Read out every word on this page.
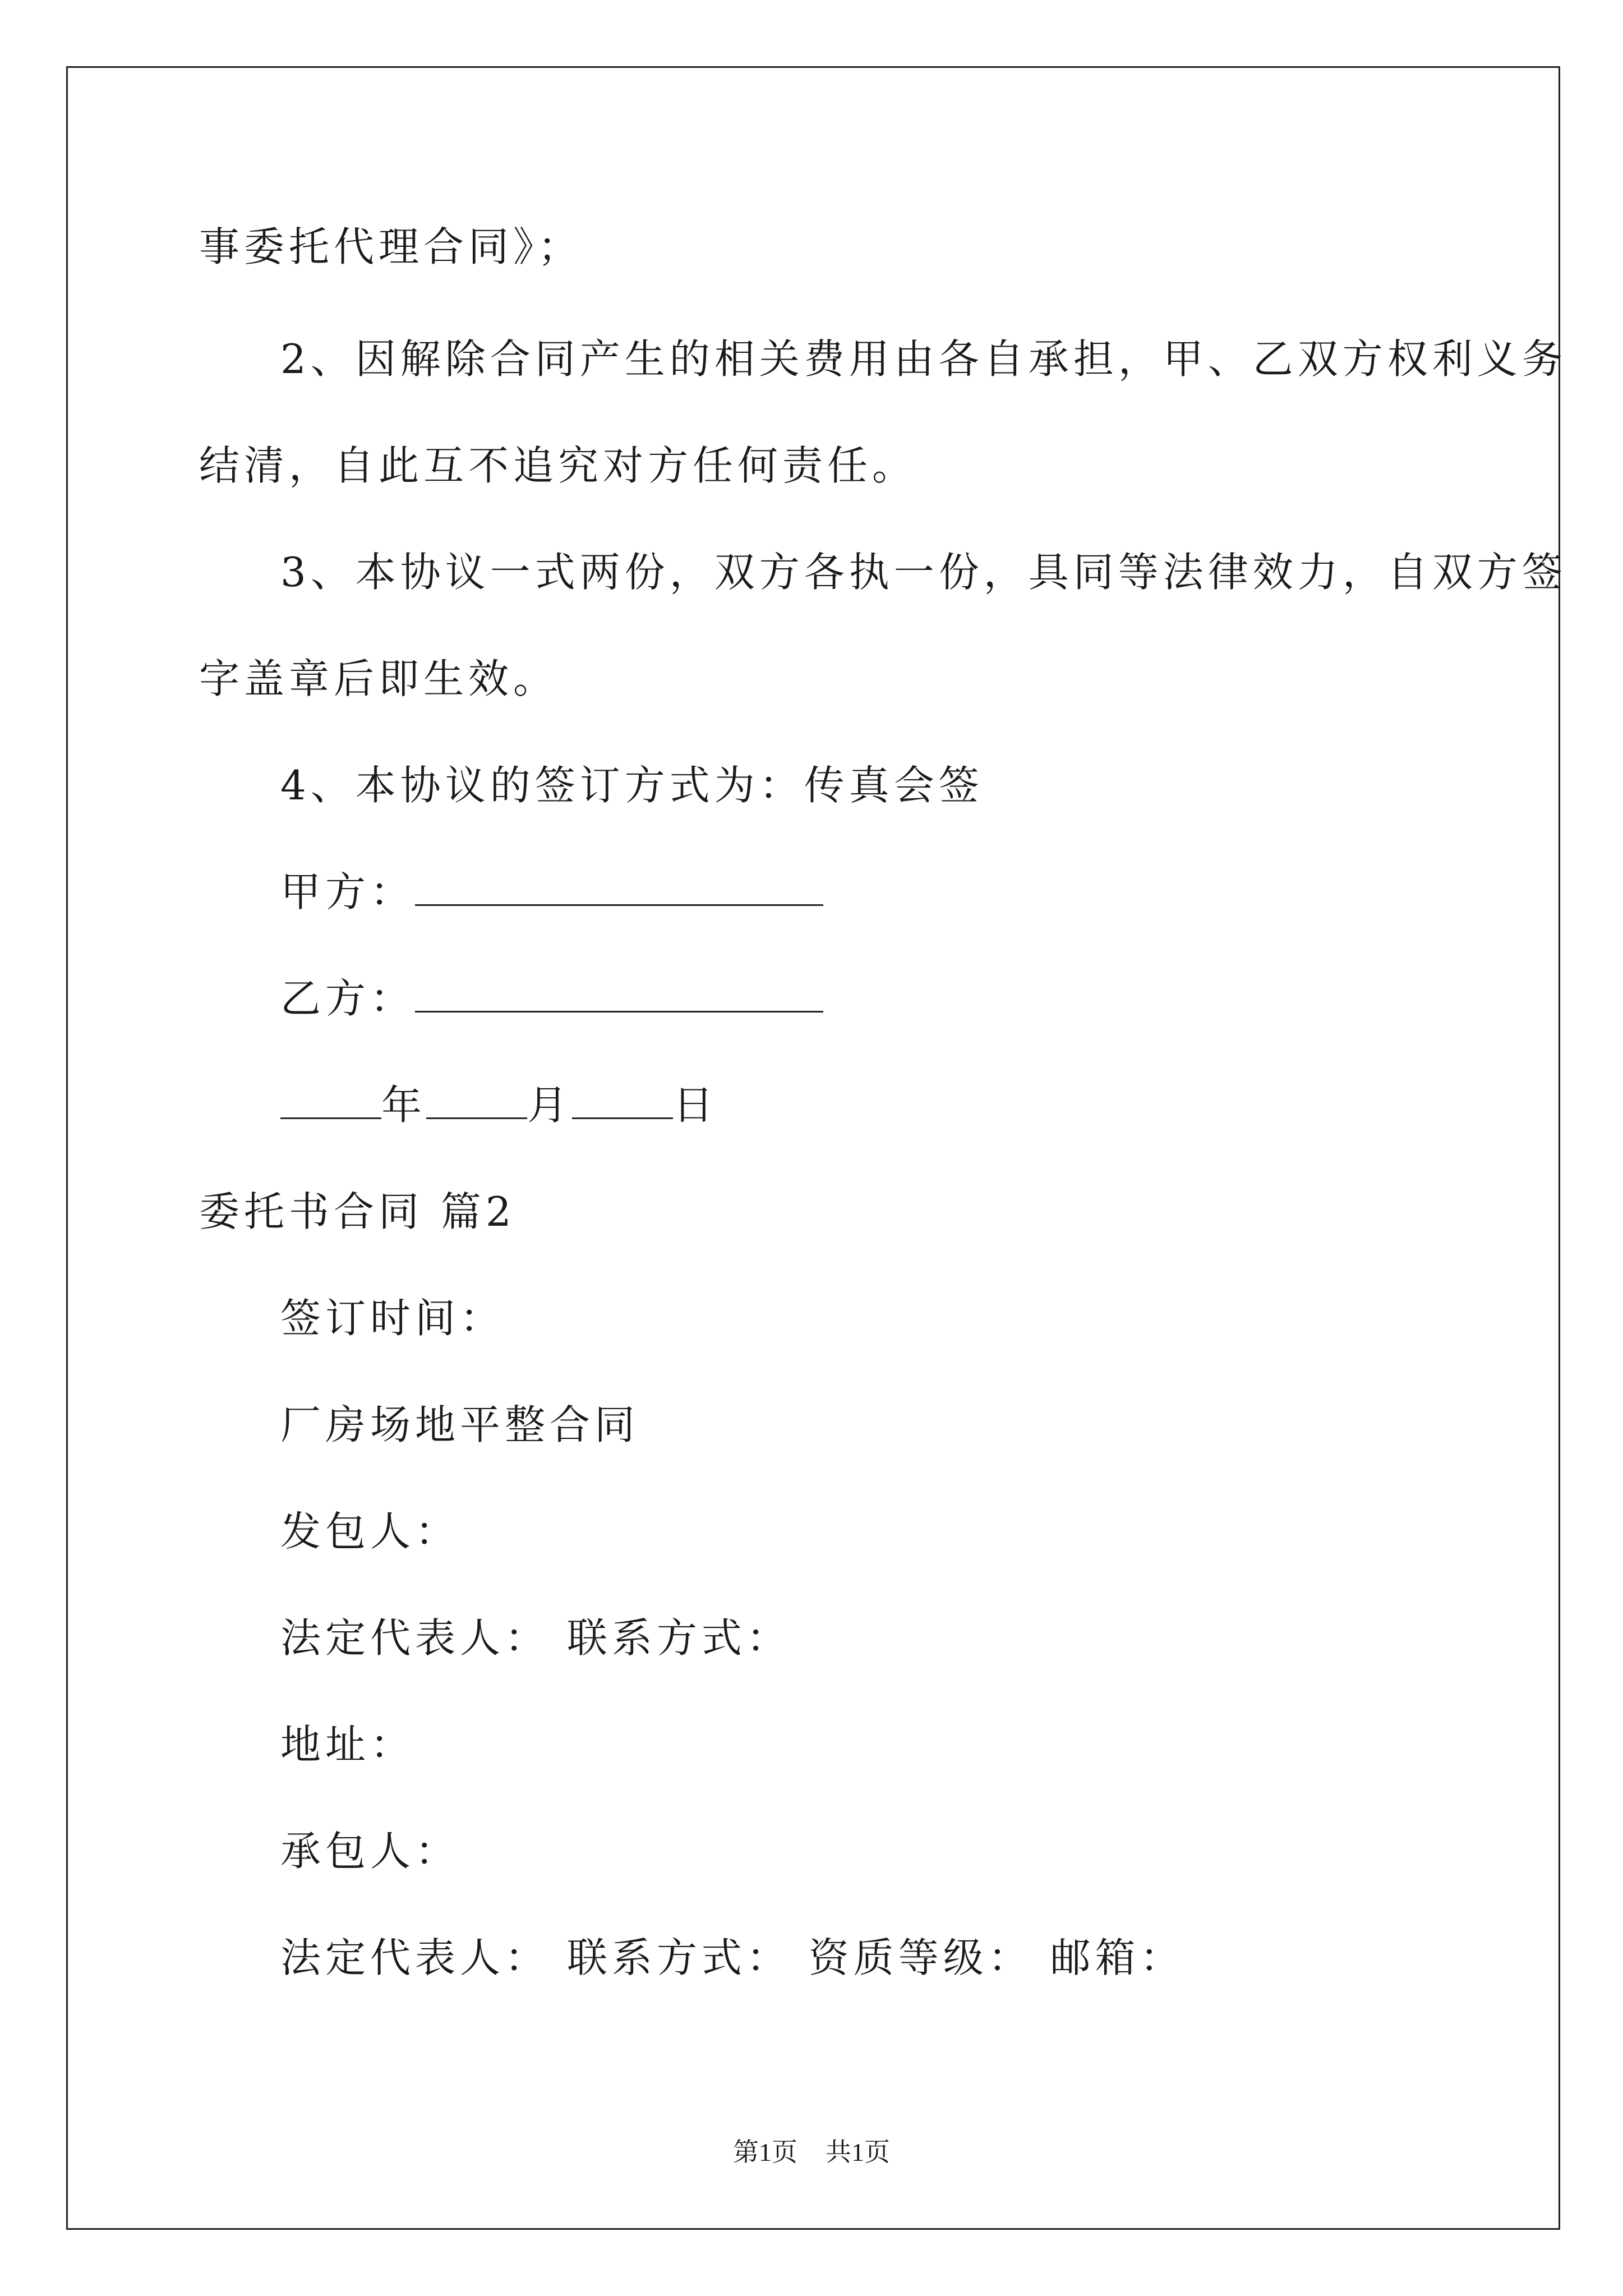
事委托代理合同》；
2、因解除合同产生的相关费用由各自承担，甲、乙双方权利义务
结清，自此互不追究对方任何责任。
3、本协议一式两份，双方各执一份，具同等法律效力，自双方签
字盖章后即生效。
4、本协议的签订方式为：传真会签
甲方：
乙方：
年	月	日
委托书合同 篇2
签订时间：
厂房场地平整合同
发包人：
法定代表人： 联系方式：
地址：
承包人：
法定代表人： 联系方式： 资质等级： 邮箱：
第1页 共1页
